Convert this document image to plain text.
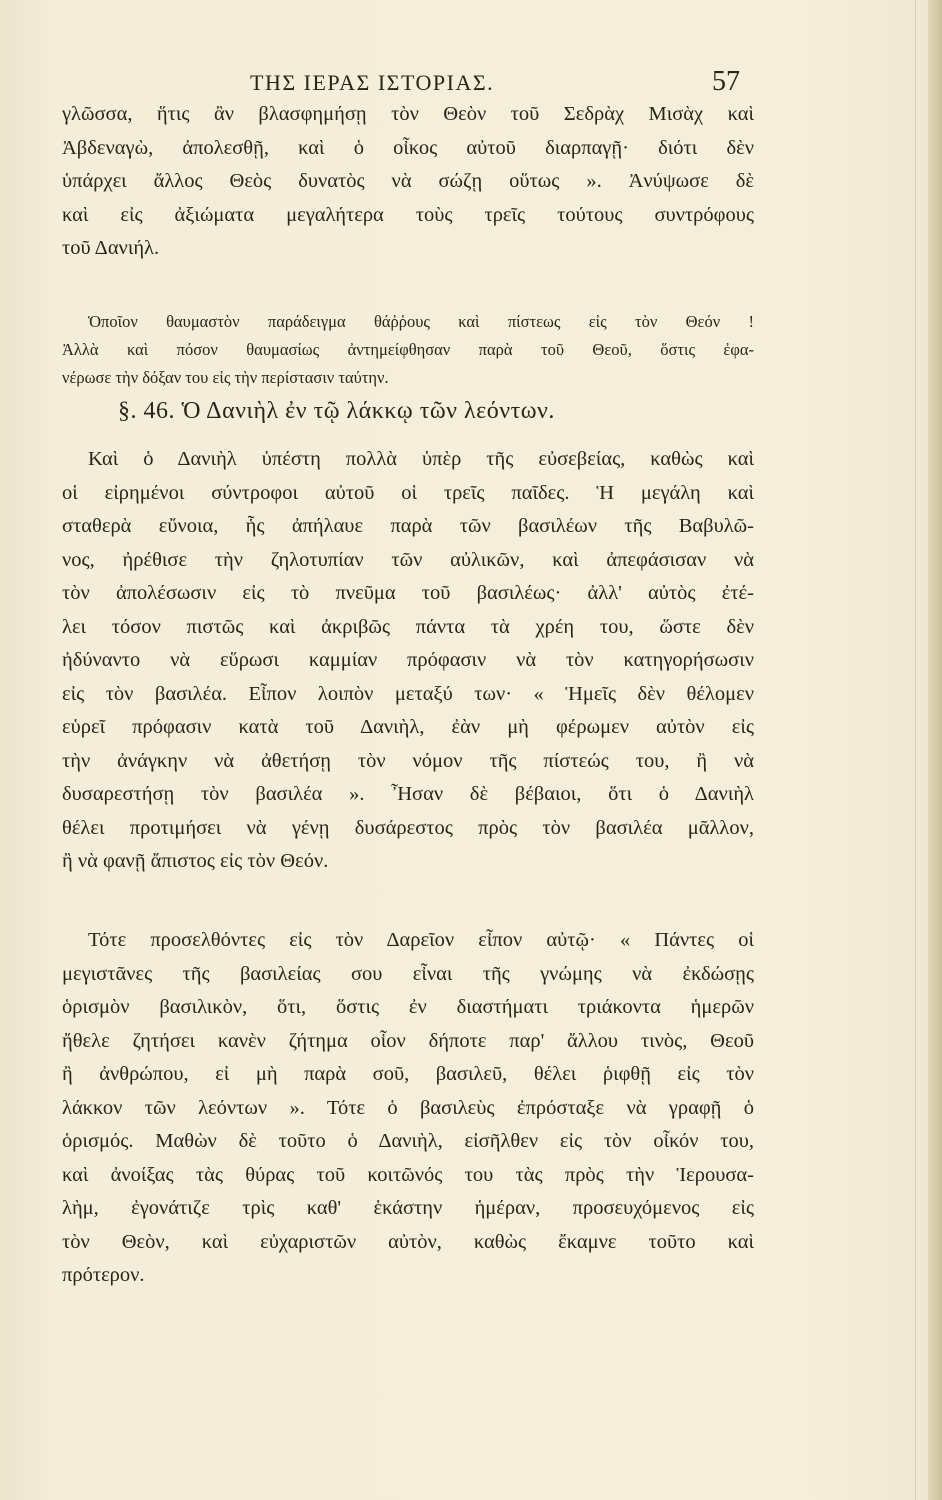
ΤΗΣ ΙΕΡΑΣ ΙΣΤΟΡΙΑΣ.	57
γλῶσσα, ἥτις ἂν βλασφημήσῃ τὸν Θεὸν τοῦ Σεδρὰχ Μισὰχ καὶ
Ἀβδεναγὼ, ἀπολεσθῇ, καὶ ὁ οἶκος αὐτοῦ διαρπαγῇ· διότι δὲν
ὑπάρχει ἄλλος Θεὸς δυνατὸς νὰ σώζῃ οὕτως ». Ἀνύψωσε δὲ
καὶ εἰς ἀξιώματα μεγαλήτερα τοὺς τρεῖς τούτους συντρόφους
τοῦ Δανιήλ.
Ὁποῖον θαυμαστὸν παράδειγμα θάῤῥους καὶ πίστεως εἰς τὸν Θεόν !
Ἀλλὰ καὶ πόσον θαυμασίως ἀντημείφθησαν παρὰ τοῦ Θεοῦ, ὅστις ἐφα-
νέρωσε τὴν δόξαν του εἰς τὴν περίστασιν ταύτην.
§. 46. Ὁ Δανιὴλ ἐν τῷ λάκκῳ τῶν λεόντων.
Καὶ ὁ Δανιὴλ ὑπέστη πολλὰ ὑπὲρ τῆς εὐσεβείας, καθὼς καὶ
οἱ εἰρημένοι σύντροφοι αὐτοῦ οἱ τρεῖς παῖδες. Ἡ μεγάλη καὶ
σταθερὰ εὔνοια, ἧς ἀπήλαυε παρὰ τῶν βασιλέων τῆς Βαβυλῶ-
νος, ἠρέθισε τὴν ζηλοτυπίαν τῶν αὐλικῶν, καὶ ἀπεφάσισαν νὰ
τὸν ἀπολέσωσιν εἰς τὸ πνεῦμα τοῦ βασιλέως· ἀλλ' αὐτὸς ἐτέ-
λει τόσον πιστῶς καὶ ἀκριβῶς πάντα τὰ χρέη του, ὥστε δὲν
ἠδύναντο νὰ εὕρωσι καμμίαν πρόφασιν νὰ τὸν κατηγορήσωσιν
εἰς τὸν βασιλέα. Εἶπον λοιπὸν μεταξύ των· « Ἡμεῖς δὲν θέλομεν
εὑρεῖ πρόφασιν κατὰ τοῦ Δανιὴλ, ἐὰν μὴ φέρωμεν αὐτὸν εἰς
τὴν ἀνάγκην νὰ ἀθετήσῃ τὸν νόμον τῆς πίστεώς του, ἢ νὰ
δυσαρεστήσῃ τὸν βασιλέα ». Ἦσαν δὲ βέβαιοι, ὅτι ὁ Δανιὴλ
θέλει προτιμήσει νὰ γένῃ δυσάρεστος πρὸς τὸν βασιλέα μᾶλλον,
ἢ νὰ φανῇ ἄπιστος εἰς τὸν Θεόν.
Τότε προσελθόντες εἰς τὸν Δαρεῖον εἶπον αὐτῷ· « Πάντες οἱ
μεγιστᾶνες τῆς βασιλείας σου εἶναι τῆς γνώμης νὰ ἐκδώσῃς
ὁρισμὸν βασιλικὸν, ὅτι, ὅστις ἐν διαστήματι τριάκοντα ἡμερῶν
ἤθελε ζητήσει κανὲν ζήτημα οἷον δήποτε παρ' ἄλλου τινὸς, Θεοῦ
ἢ ἀνθρώπου, εἰ μὴ παρὰ σοῦ, βασιλεῦ, θέλει ῥιφθῇ εἰς τὸν
λάκκον τῶν λεόντων ». Τότε ὁ βασιλεὺς ἐπρόσταξε νὰ γραφῇ ὁ
ὁρισμός. Μαθὼν δὲ τοῦτο ὁ Δανιὴλ, εἰσῆλθεν εἰς τὸν οἶκόν του,
καὶ ἀνοίξας τὰς θύρας τοῦ κοιτῶνός του τὰς πρὸς τὴν Ἱερουσα-
λὴμ, ἐγονάτιζε τρὶς καθ' ἑκάστην ἡμέραν, προσευχόμενος εἰς
τὸν Θεὸν, καὶ εὐχαριστῶν αὐτὸν, καθὼς ἔκαμνε τοῦτο καὶ
πρότερον.
